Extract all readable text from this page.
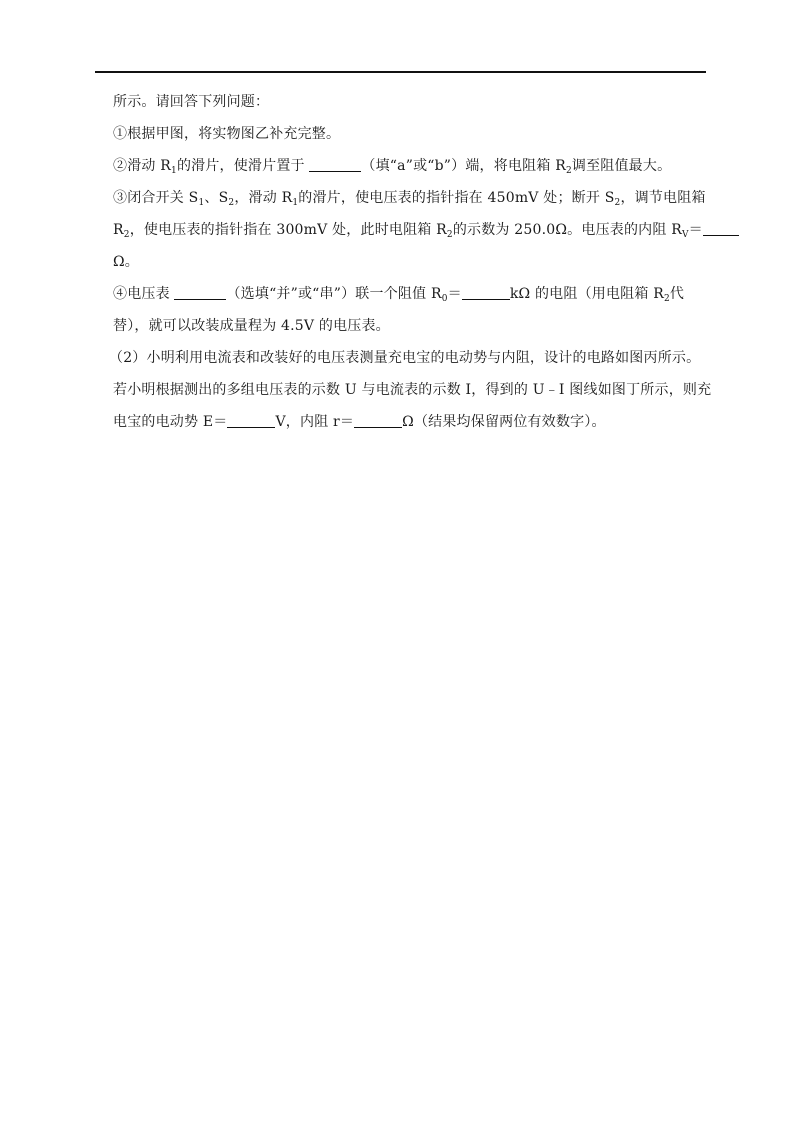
所示。请回答下列问题：
①根据甲图，将实物图乙补充完整。
②滑动 $R_1$的滑片，使滑片置于	（填“a”或“b”）端，将电阻箱 $R_2$调至阻值最大。
③闭合开关 $S_1$、$S_2$，滑动 $R_1$的滑片，使电压表的指针指在 450mV 处；断开 $S_2$，调节电阻箱
$R_2$，使电压表的指针指在 300mV 处，此时电阻箱 $R_2$的示数为 250.0Ω。电压表的内阻 $R_V=$
Ω。
④电压表	（选填“并”或“串”）联一个阻值 $R_0=$	kΩ 的电阻（用电阻箱 $R_2$代
替），就可以改装成量程为 4.5V 的电压表。
（2）小明利用电流表和改装好的电压表测量充电宝的电动势与内阻，设计的电路如图丙所示。
若小明根据测出的多组电压表的示数 U 与电流表的示数 I，得到的 U﹣I 图线如图丁所示，则充
电宝的电动势 E＝	V，内阻 r＝	Ω（结果均保留两位有效数字）。
